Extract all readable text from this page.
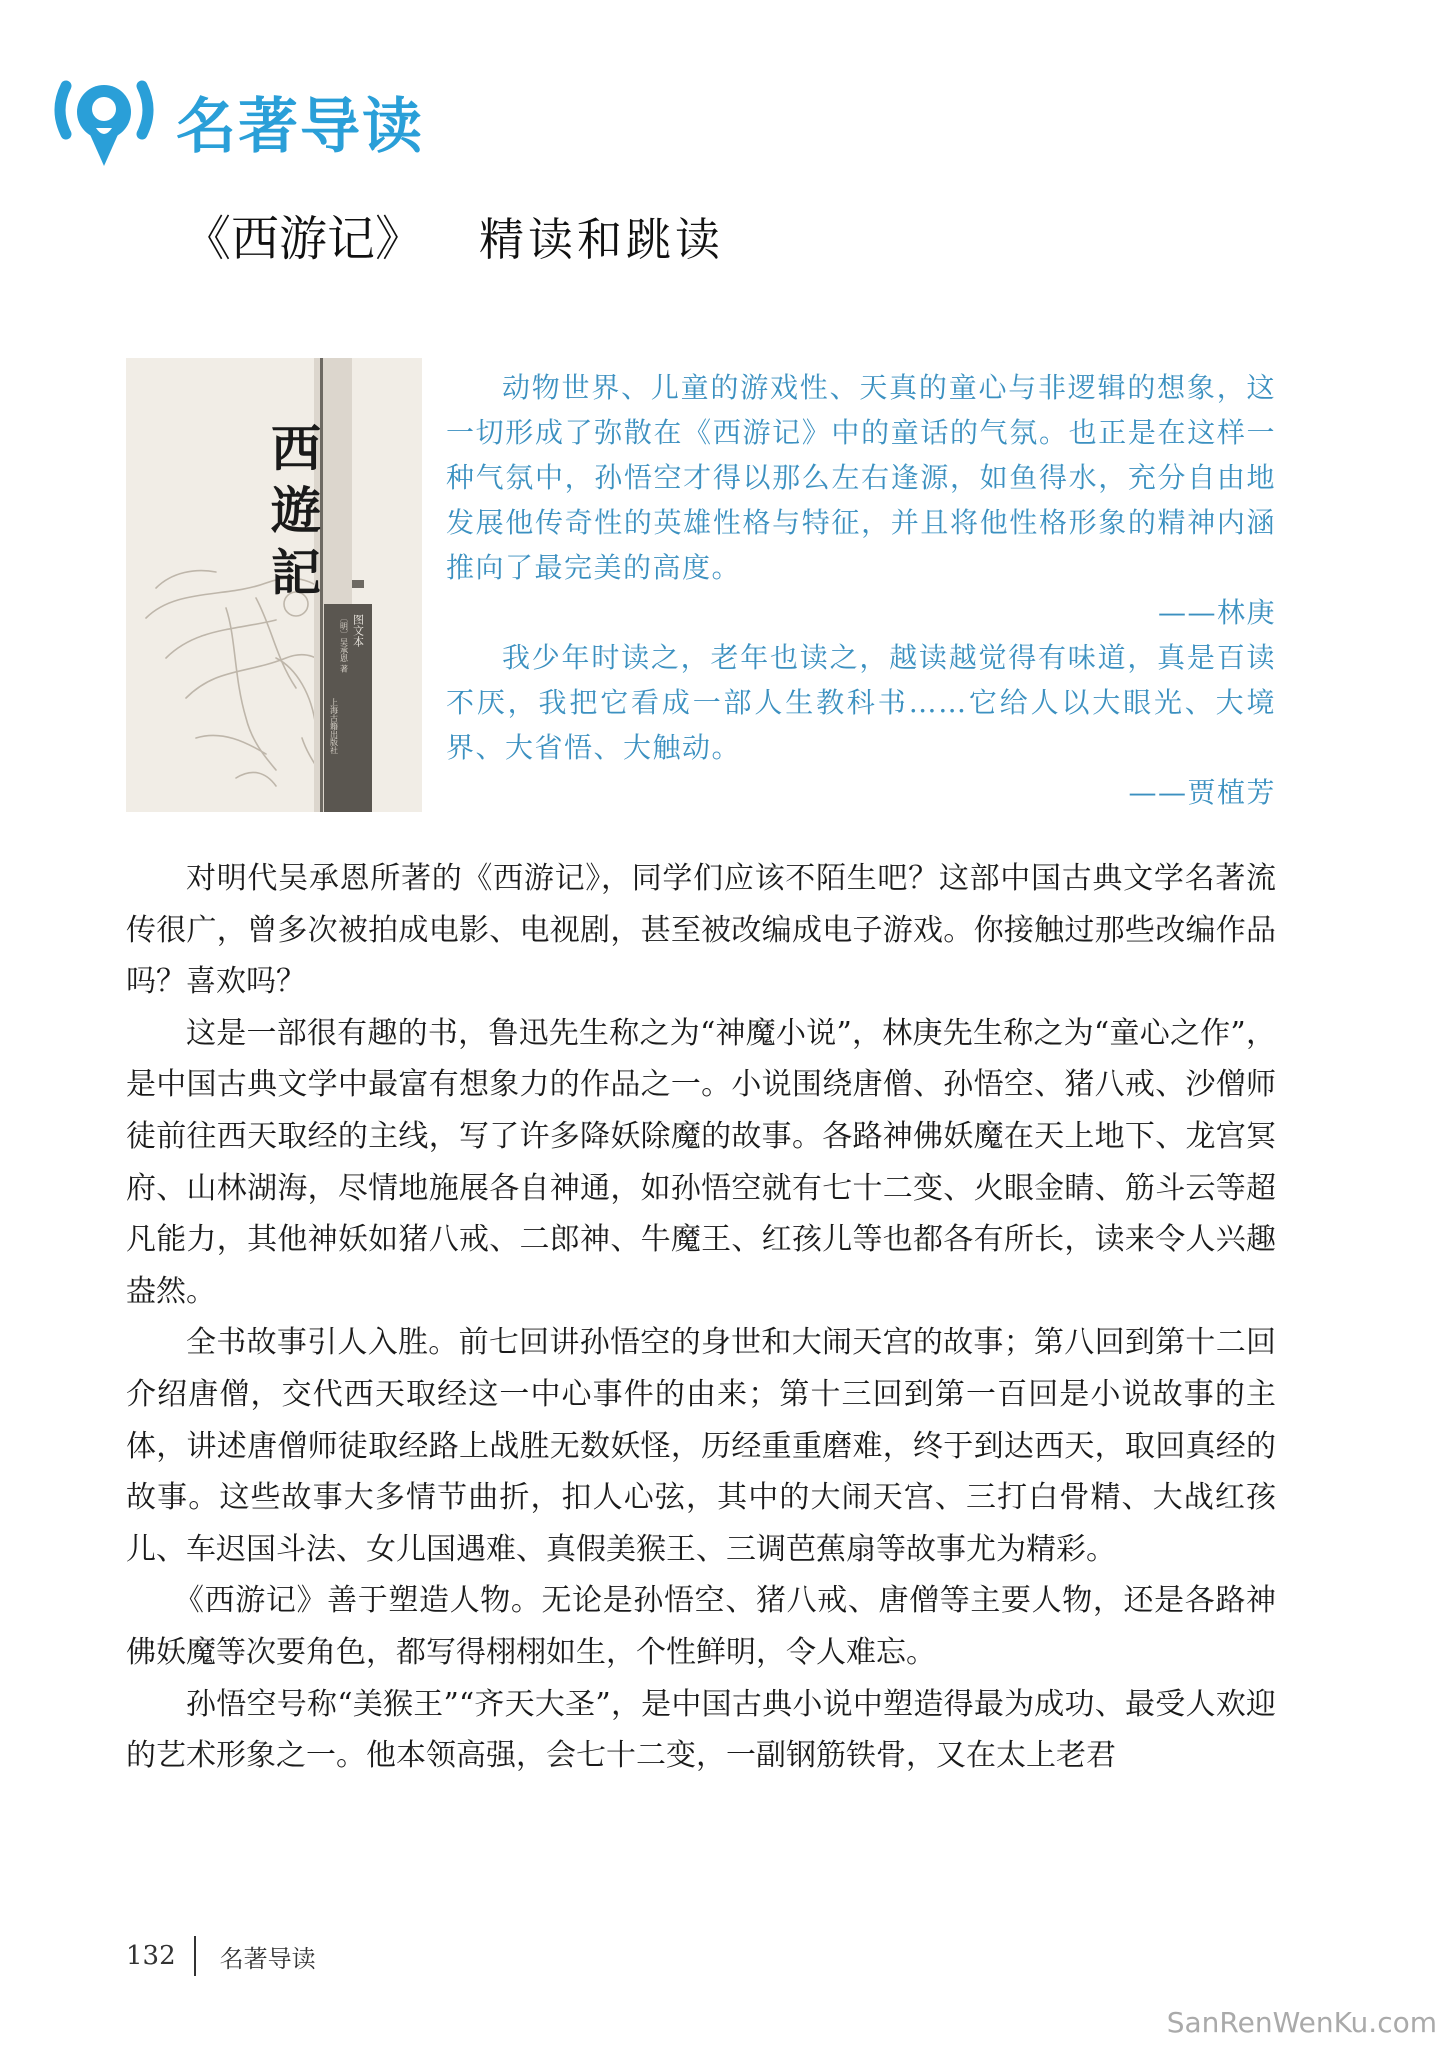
名著导读
《西游记》 精读和跳读
西
遊
記
图文本
〔明〕吴承恩 著
上海古籍出版社

动物世界、儿童的游戏性、天真的童心与非逻辑的想象，这一切形成了弥散在《西游记》中的童话的气氛。也正是在这样一种气氛中，孙悟空才得以那么左右逢源，如鱼得水，充分自由地发展他传奇性的英雄性格与特征，并且将他性格形象的精神内涵推向了最完美的高度。

——林庚

我少年时读之，老年也读之，越读越觉得有味道，真是百读不厌，我把它看成一部人生教科书……它给人以大眼光、大境界、大省悟、大触动。

——贾植芳

对明代吴承恩所著的《西游记》，同学们应该不陌生吧？这部中国古典文学名著流传很广，曾多次被拍成电影、电视剧，甚至被改编成电子游戏。你接触过那些改编作品吗？喜欢吗？

这是一部很有趣的书，鲁迅先生称之为“神魔小说”，林庚先生称之为“童心之作”，是中国古典文学中最富有想象力的作品之一。小说围绕唐僧、孙悟空、猪八戒、沙僧师徒前往西天取经的主线，写了许多降妖除魔的故事。各路神佛妖魔在天上地下、龙宫冥府、山林湖海，尽情地施展各自神通，如孙悟空就有七十二变、火眼金睛、筋斗云等超凡能力，其他神妖如猪八戒、二郎神、牛魔王、红孩儿等也都各有所长，读来令人兴趣盎然。

全书故事引人入胜。前七回讲孙悟空的身世和大闹天宫的故事；第八回到第十二回介绍唐僧，交代西天取经这一中心事件的由来；第十三回到第一百回是小说故事的主体，讲述唐僧师徒取经路上战胜无数妖怪，历经重重磨难，终于到达西天，取回真经的故事。这些故事大多情节曲折，扣人心弦，其中的大闹天宫、三打白骨精、大战红孩儿、车迟国斗法、女儿国遇难、真假美猴王、三调芭蕉扇等故事尤为精彩。

《西游记》善于塑造人物。无论是孙悟空、猪八戒、唐僧等主要人物，还是各路神佛妖魔等次要角色，都写得栩栩如生，个性鲜明，令人难忘。

孙悟空号称“美猴王”“齐天大圣”，是中国古典小说中塑造得最为成功、最受人欢迎的艺术形象之一。他本领高强，会七十二变，一副钢筋铁骨，又在太上老君

132 名著导读
SanRenWenKu.com
